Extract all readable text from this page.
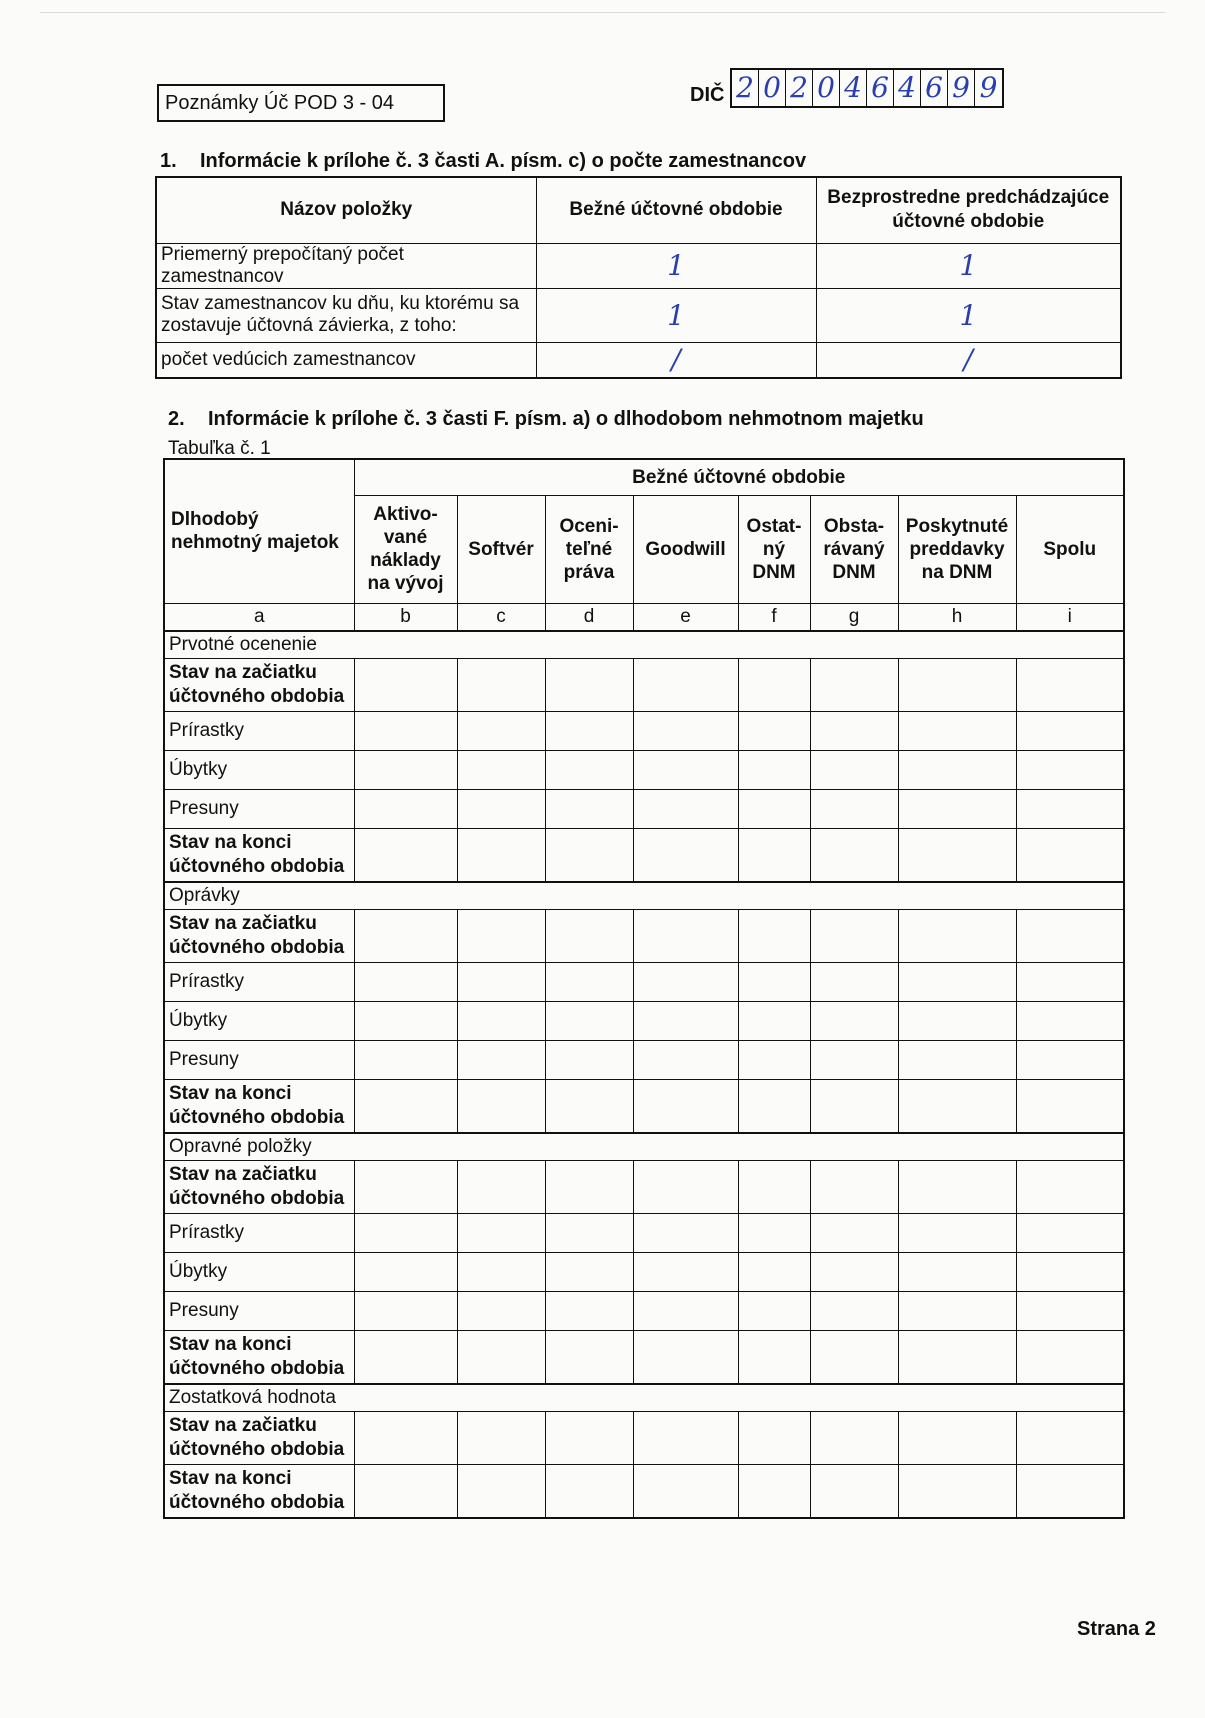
Poznámky Úč POD 3 - 04	DIČ 2 0 2 0 4 6 4 6 9 9
1. Informácie k prílohe č. 3 časti A. písm. c) o počte zamestnancov
Názov položky	Bežné účtovné obdobie	Bezprostredne predchádzajúce účtovné obdobie
Priemerný prepočítaný počet zamestnancov	1	1
Stav zamestnancov ku dňu, ku ktorému sa zostavuje účtovná závierka, z toho:	1	1
počet vedúcich zamestnancov	/	/
2. Informácie k prílohe č. 3 časti F. písm. a) o dlhodobom nehmotnom majetku
Tabuľka č. 1
Dlhodobý nehmotný majetok	Bežné účtovné obdobie							
	Aktivo-vané náklady na vývoj	Softvér	Oceni-teľné práva	Goodwill	Ostat-ný DNM	Obsta-rávaný DNM	Poskytnuté preddavky na DNM	Spolu
a	b	c	d	e	f	g	h	i
Prvotné ocenenie								
Stav na začiatku účtovného obdobia								
Prírastky								
Úbytky								
Presuny								
Stav na konci účtovného obdobia								
Oprávky								
Stav na začiatku účtovného obdobia								
Prírastky								
Úbytky								
Presuny								
Stav na konci účtovného obdobia								
Opravné položky								
Stav na začiatku účtovného obdobia								
Prírastky								
Úbytky								
Presuny								
Stav na konci účtovného obdobia								
Zostatková hodnota								
Stav na začiatku účtovného obdobia								
Stav na konci účtovného obdobia								
Strana 2
